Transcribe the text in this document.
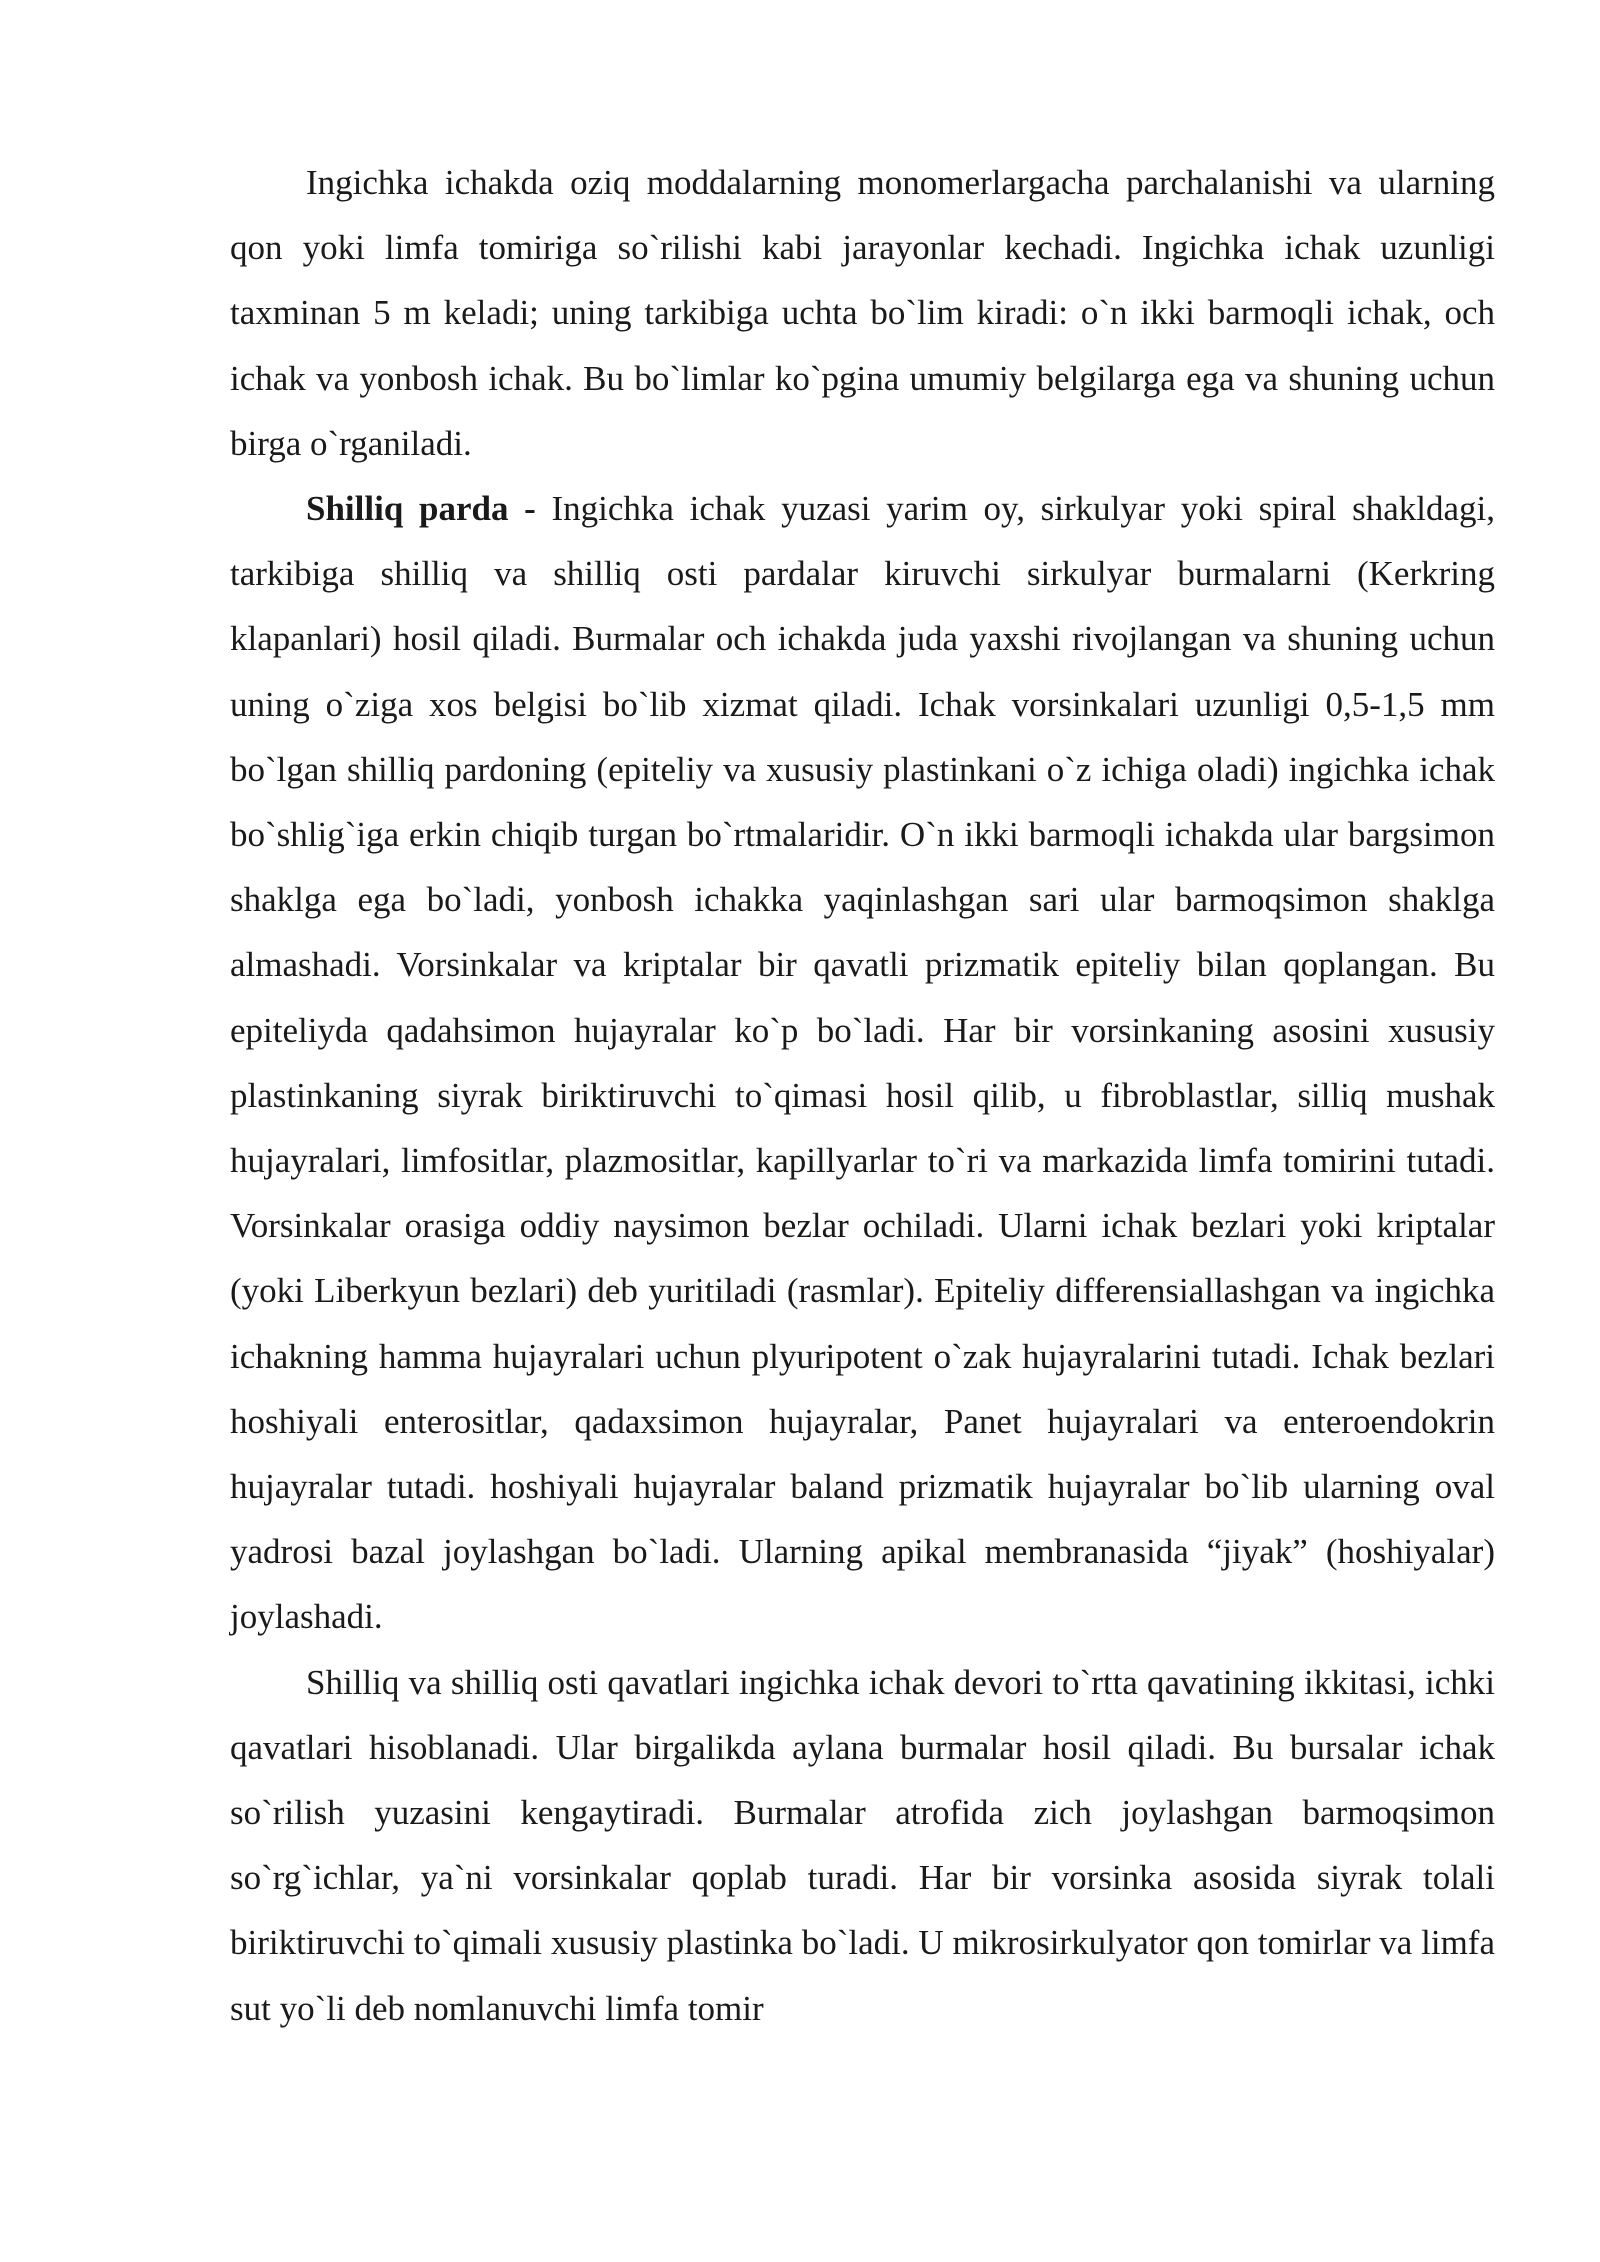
Ingichka ichakda oziq moddalarning monomerlargacha parchalanishi va ularning qon yoki limfa tomiriga so`rilishi kabi jarayonlar kechadi. Ingichka ichak uzunligi taxminan 5 m keladi; uning tarkibiga uchta bo`lim kiradi: o`n ikki barmoqli ichak, och ichak va yonbosh ichak. Bu bo`limlar ko`pgina umumiy belgilarga ega va shuning uchun birga o`rganiladi.

Shilliq parda - Ingichka ichak yuzasi yarim oy, sirkulyar yoki spiral shakldagi, tarkibiga shilliq va shilliq osti pardalar kiruvchi sirkulyar burmalarni (Kerkring klapanlari) hosil qiladi. Burmalar och ichakda juda yaxshi rivojlangan va shuning uchun uning o`ziga xos belgisi bo`lib xizmat qiladi. Ichak vorsinkalari uzunligi 0,5-1,5 mm bo`lgan shilliq pardoning (epiteliy va xususiy plastinkani o`z ichiga oladi) ingichka ichak bo`shlig`iga erkin chiqib turgan bo`rtmalaridir. O`n ikki barmoqli ichakda ular bargsimon shaklga ega bo`ladi, yonbosh ichakka yaqinlashgan sari ular barmoqsimon shaklga almashadi. Vorsinkalar va kriptalar bir qavatli prizmatik epiteliy bilan qoplangan. Bu epiteliyda qadahsimon hujayralar ko`p bo`ladi. Har bir vorsinkaning asosini xususiy plastinkaning siyrak biriktiruvchi to`qimasi hosil qilib, u fibroblastlar, silliq mushak hujayralari, limfositlar, plazmositlar, kapillyarlar to`ri va markazida limfa tomirini tutadi. Vorsinkalar orasiga oddiy naysimon bezlar ochiladi. Ularni ichak bezlari yoki kriptalar (yoki Liberkyun bezlari) deb yuritiladi (rasmlar). Epiteliy differensiallashgan va ingichka ichakning hamma hujayralari uchun plyuripotent o`zak hujayralarini tutadi. Ichak bezlari hoshiyali enterositlar, qadaxsimon hujayralar, Panet hujayralari va enteroendokrin hujayralar tutadi. hoshiyali hujayralar baland prizmatik hujayralar bo`lib ularning oval yadrosi bazal joylashgan bo`ladi. Ularning apikal membranasida “jiyak” (hoshiyalar) joylashadi.

Shilliq va shilliq osti qavatlari ingichka ichak devori to`rtta qavatining ikkitasi, ichki qavatlari hisoblanadi. Ular birgalikda aylana burmalar hosil qiladi. Bu bursalar ichak so`rilish yuzasini kengaytiradi. Burmalar atrofida zich joylashgan barmoqsimon so`rg`ichlar, ya`ni vorsinkalar qoplab turadi. Har bir vorsinka asosida siyrak tolali biriktiruvchi to`qimali xususiy plastinka bo`ladi. U mikrosirkulyator qon tomirlar va limfa sut yo`li deb nomlanuvchi limfa tomir
